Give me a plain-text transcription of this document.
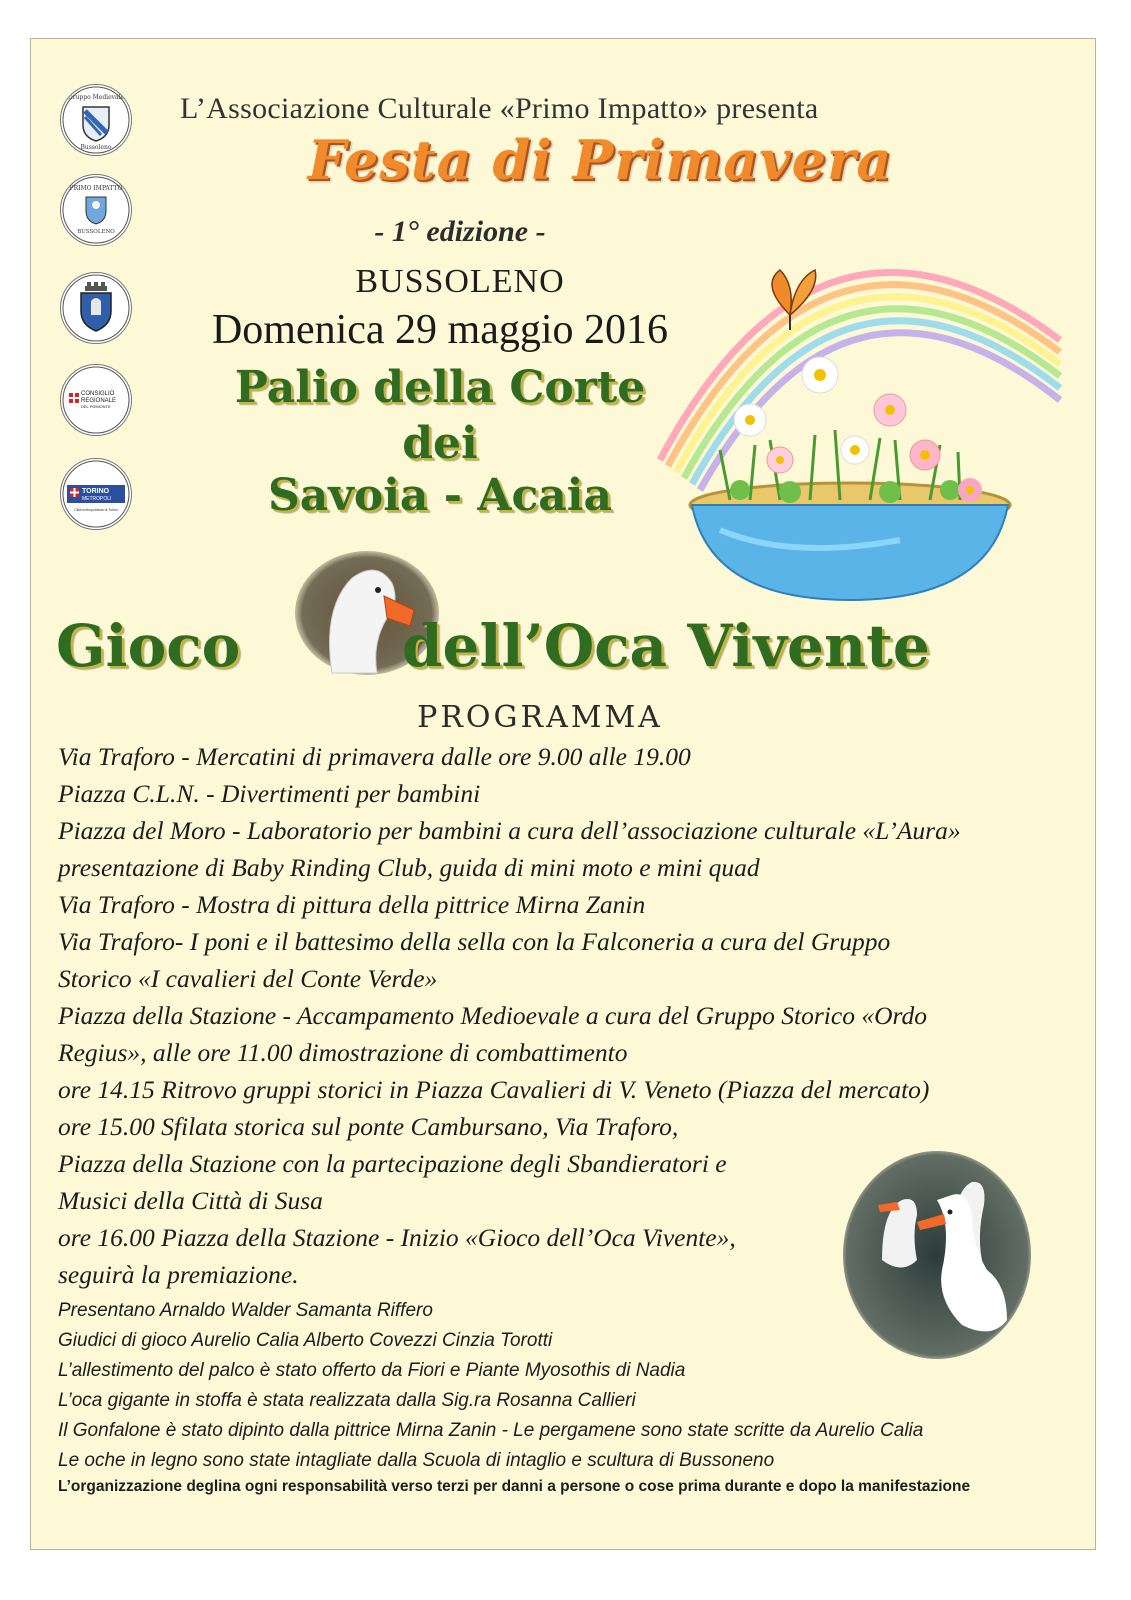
Gruppo Medievale
Bussoleno
PRIMO IMPATTO
BUSSOLENO
CONSIGLIO
REGIONALE
DEL PIEMONTE
TORINO
METROPOLI
Città metropolitana di Torino
L’Associazione Culturale «Primo Impatto» presenta
Festa di Primavera
- 1° edizione -
BUSSOLENO
Domenica 29 maggio 2016
Palio della Corte
dei
Savoia - Acaia
Gioco	dell’Oca Vivente
PROGRAMMA
Via Traforo - Mercatini di primavera dalle ore 9.00 alle 19.00
Piazza C.L.N. - Divertimenti per bambini
Piazza del Moro - Laboratorio per bambini a cura dell’associazione culturale «L’Aura»
presentazione di Baby Rinding Club, guida di mini moto e mini quad
Via Traforo - Mostra di pittura della pittrice Mirna Zanin
Via Traforo- I poni e il battesimo della sella con la Falconeria a cura del Gruppo
Storico «I cavalieri del Conte Verde»
Piazza della Stazione - Accampamento Medioevale a cura del Gruppo Storico «Ordo
Regius», alle ore 11.00 dimostrazione di combattimento
ore 14.15 Ritrovo gruppi storici in Piazza Cavalieri di V. Veneto (Piazza del mercato)
ore 15.00 Sfilata storica sul ponte Cambursano, Via Traforo,
Piazza della Stazione con la partecipazione degli Sbandieratori e
Musici della Città di Susa
ore 16.00 Piazza della Stazione - Inizio «Gioco dell’Oca Vivente»,
seguirà la premiazione.
Presentano Arnaldo Walder Samanta Riffero
Giudici di gioco Aurelio Calia Alberto Covezzi Cinzia Torotti
L’allestimento del palco è stato offerto da Fiori e Piante Myosothis di Nadia
L’oca gigante in stoffa è stata realizzata dalla Sig.ra Rosanna Callieri
Il Gonfalone è stato dipinto dalla pittrice Mirna Zanin - Le pergamene sono state scritte da Aurelio Calia
Le oche in legno sono state intagliate dalla Scuola di intaglio e scultura di Bussoneno
L’organizzazione deglina ogni responsabilità verso terzi per danni a persone o cose prima durante e dopo la manifestazione
